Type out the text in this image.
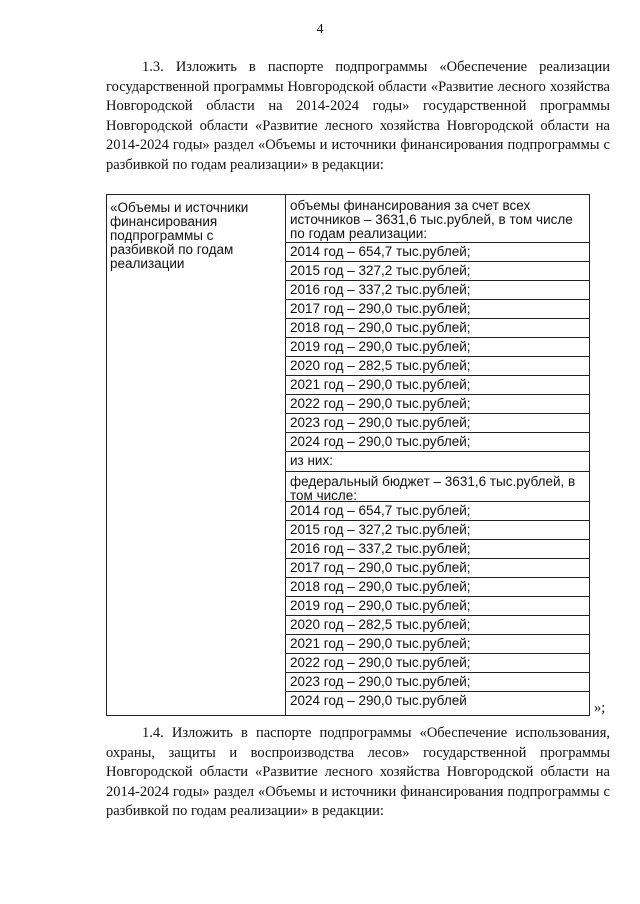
4

1.3. Изложить в паспорте подпрограммы «Обеспечение реализации государственной программы Новгородской области «Развитие лесного хозяйства Новгородской области на 2014-2024 годы» государственной программы Новгородской области «Развитие лесного хозяйства Новгородской области на 2014-2024 годы» раздел «Объемы и источники финансирования подпрограммы с разбивкой по годам реализации» в редакции:

«Объемы и источники финансирования подпрограммы с разбивкой по годам реализации
объемы финансирования за счет всех источников – 3631,6 тыс.рублей, в том числе по годам реализации:
2014 год – 654,7 тыс.рублей;
2015 год – 327,2 тыс.рублей;
2016 год – 337,2 тыс.рублей;
2017 год – 290,0 тыс.рублей;
2018 год – 290,0 тыс.рублей;
2019 год – 290,0 тыс.рублей;
2020 год – 282,5 тыс.рублей;
2021 год – 290,0 тыс.рублей;
2022 год – 290,0 тыс.рублей;
2023 год – 290,0 тыс.рублей;
2024 год – 290,0 тыс.рублей;
из них:
федеральный бюджет – 3631,6 тыс.рублей, в том числе:
2014 год – 654,7 тыс.рублей;
2015 год – 327,2 тыс.рублей;
2016 год – 337,2 тыс.рублей;
2017 год – 290,0 тыс.рублей;
2018 год – 290,0 тыс.рублей;
2019 год – 290,0 тыс.рублей;
2020 год – 282,5 тыс.рублей;
2021 год – 290,0 тыс.рублей;
2022 год – 290,0 тыс.рублей;
2023 год – 290,0 тыс.рублей;
2024 год – 290,0 тыс.рублей	»;

1.4. Изложить в паспорте подпрограммы «Обеспечение использования, охраны, защиты и воспроизводства лесов» государственной программы Новгородской области «Развитие лесного хозяйства Новгородской области на 2014-2024 годы» раздел «Объемы и источники финансирования подпрограммы с разбивкой по годам реализации» в редакции:
